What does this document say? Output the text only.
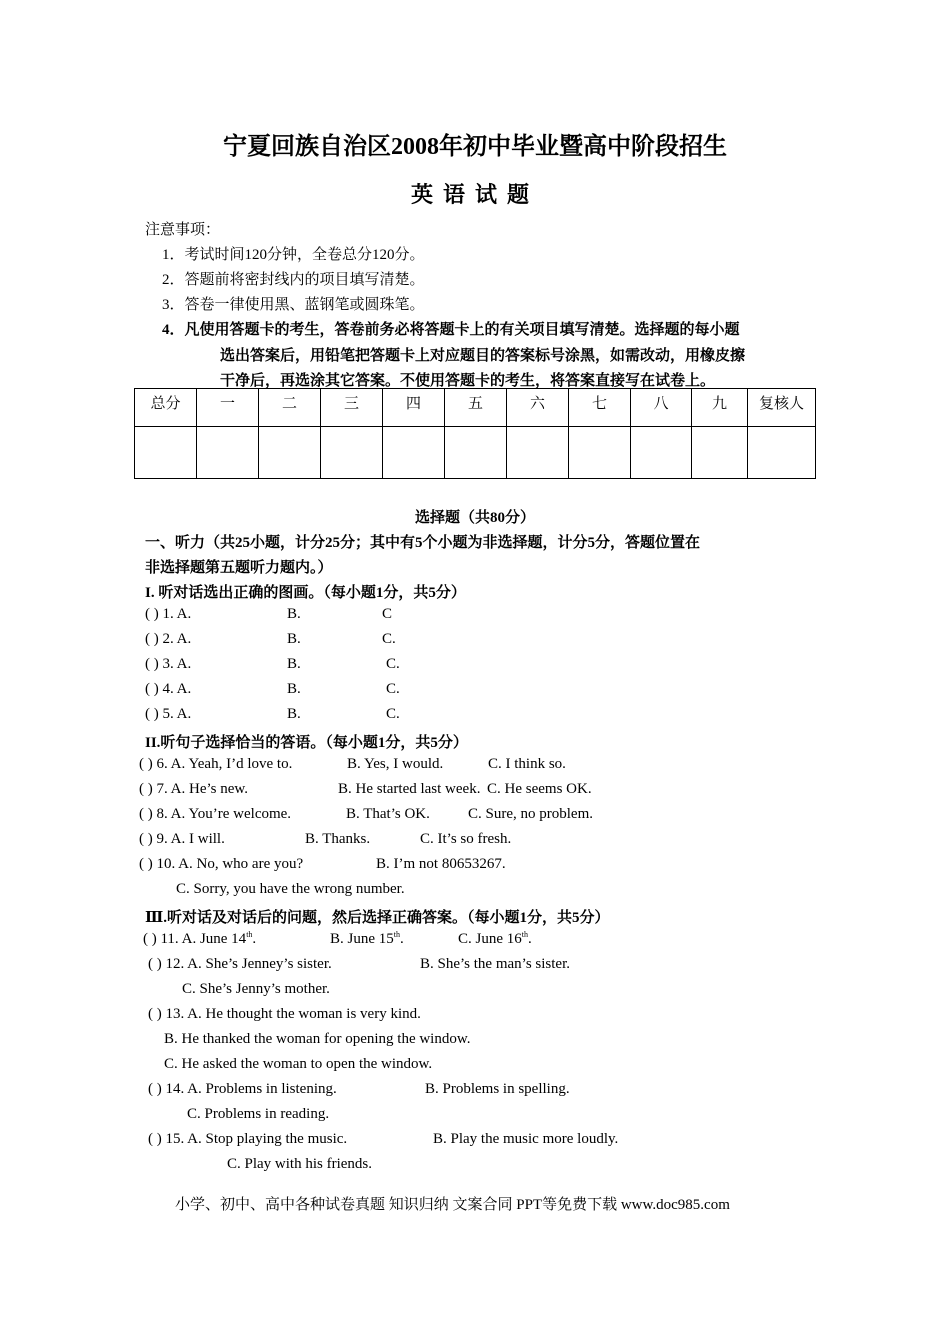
宁夏回族自治区2008年初中毕业暨高中阶段招生
英语试题
注意事项：
1．考试时间120分钟，全卷总分120分。
2．答题前将密封线内的项目填写清楚。
3．答卷一律使用黑、蓝钢笔或圆珠笔。
4．凡使用答题卡的考生，答卷前务必将答题卡上的有关项目填写清楚。选择题的每小题
选出答案后，用铅笔把答题卡上对应题目的答案标号涂黑，如需改动，用橡皮擦
干净后，再选涂其它答案。不使用答题卡的考生，将答案直接写在试卷上。
总分	一	二	三	四	五	六	七	八	九	复核人

选择题（共80分）
一、听力（共25小题，计分25分；其中有5个小题为非选择题，计分5分，答题位置在
非选择题第五题听力题内。）
I. 听对话选出正确的图画。（每小题1分，共5分）
( ) 1. A.	B.	C
( ) 2. A.	B.	C.
( ) 3. A.	B.	C.
( ) 4. A.	B.	C.
( ) 5. A.	B.	C.
II.听句子选择恰当的答语。（每小题1分，共5分）
( ) 6. A. Yeah, I’d love to.	B. Yes, I would.	C. I think so.
( ) 7. A. He’s new.	B. He started last week. C. He seems OK.
( ) 8. A. You’re welcome.	B. That’s OK.	C. Sure, no problem.
( ) 9. A. I will.	B. Thanks.	C. It’s so fresh.
( ) 10. A. No, who are you?	B. I’m not 80653267.
C. Sorry, you have the wrong number.
Ⅲ.听对话及对话后的问题，然后选择正确答案。（每小题1分，共5分）
( ) 11. A. June 14th.	B. June 15th.	C. June 16th.
( ) 12. A. She’s Jenney’s sister.	B. She’s the man’s sister.
C. She’s Jenny’s mother.
( ) 13. A. He thought the woman is very kind.
B. He thanked the woman for opening the window.
C. He asked the woman to open the window.
( ) 14. A. Problems in listening.	B. Problems in spelling.
C. Problems in reading.
( ) 15. A. Stop playing the music.	B. Play the music more loudly.
C. Play with his friends.
小学、初中、高中各种试卷真题 知识归纳 文案合同 PPT等免费下载 www.doc985.com
